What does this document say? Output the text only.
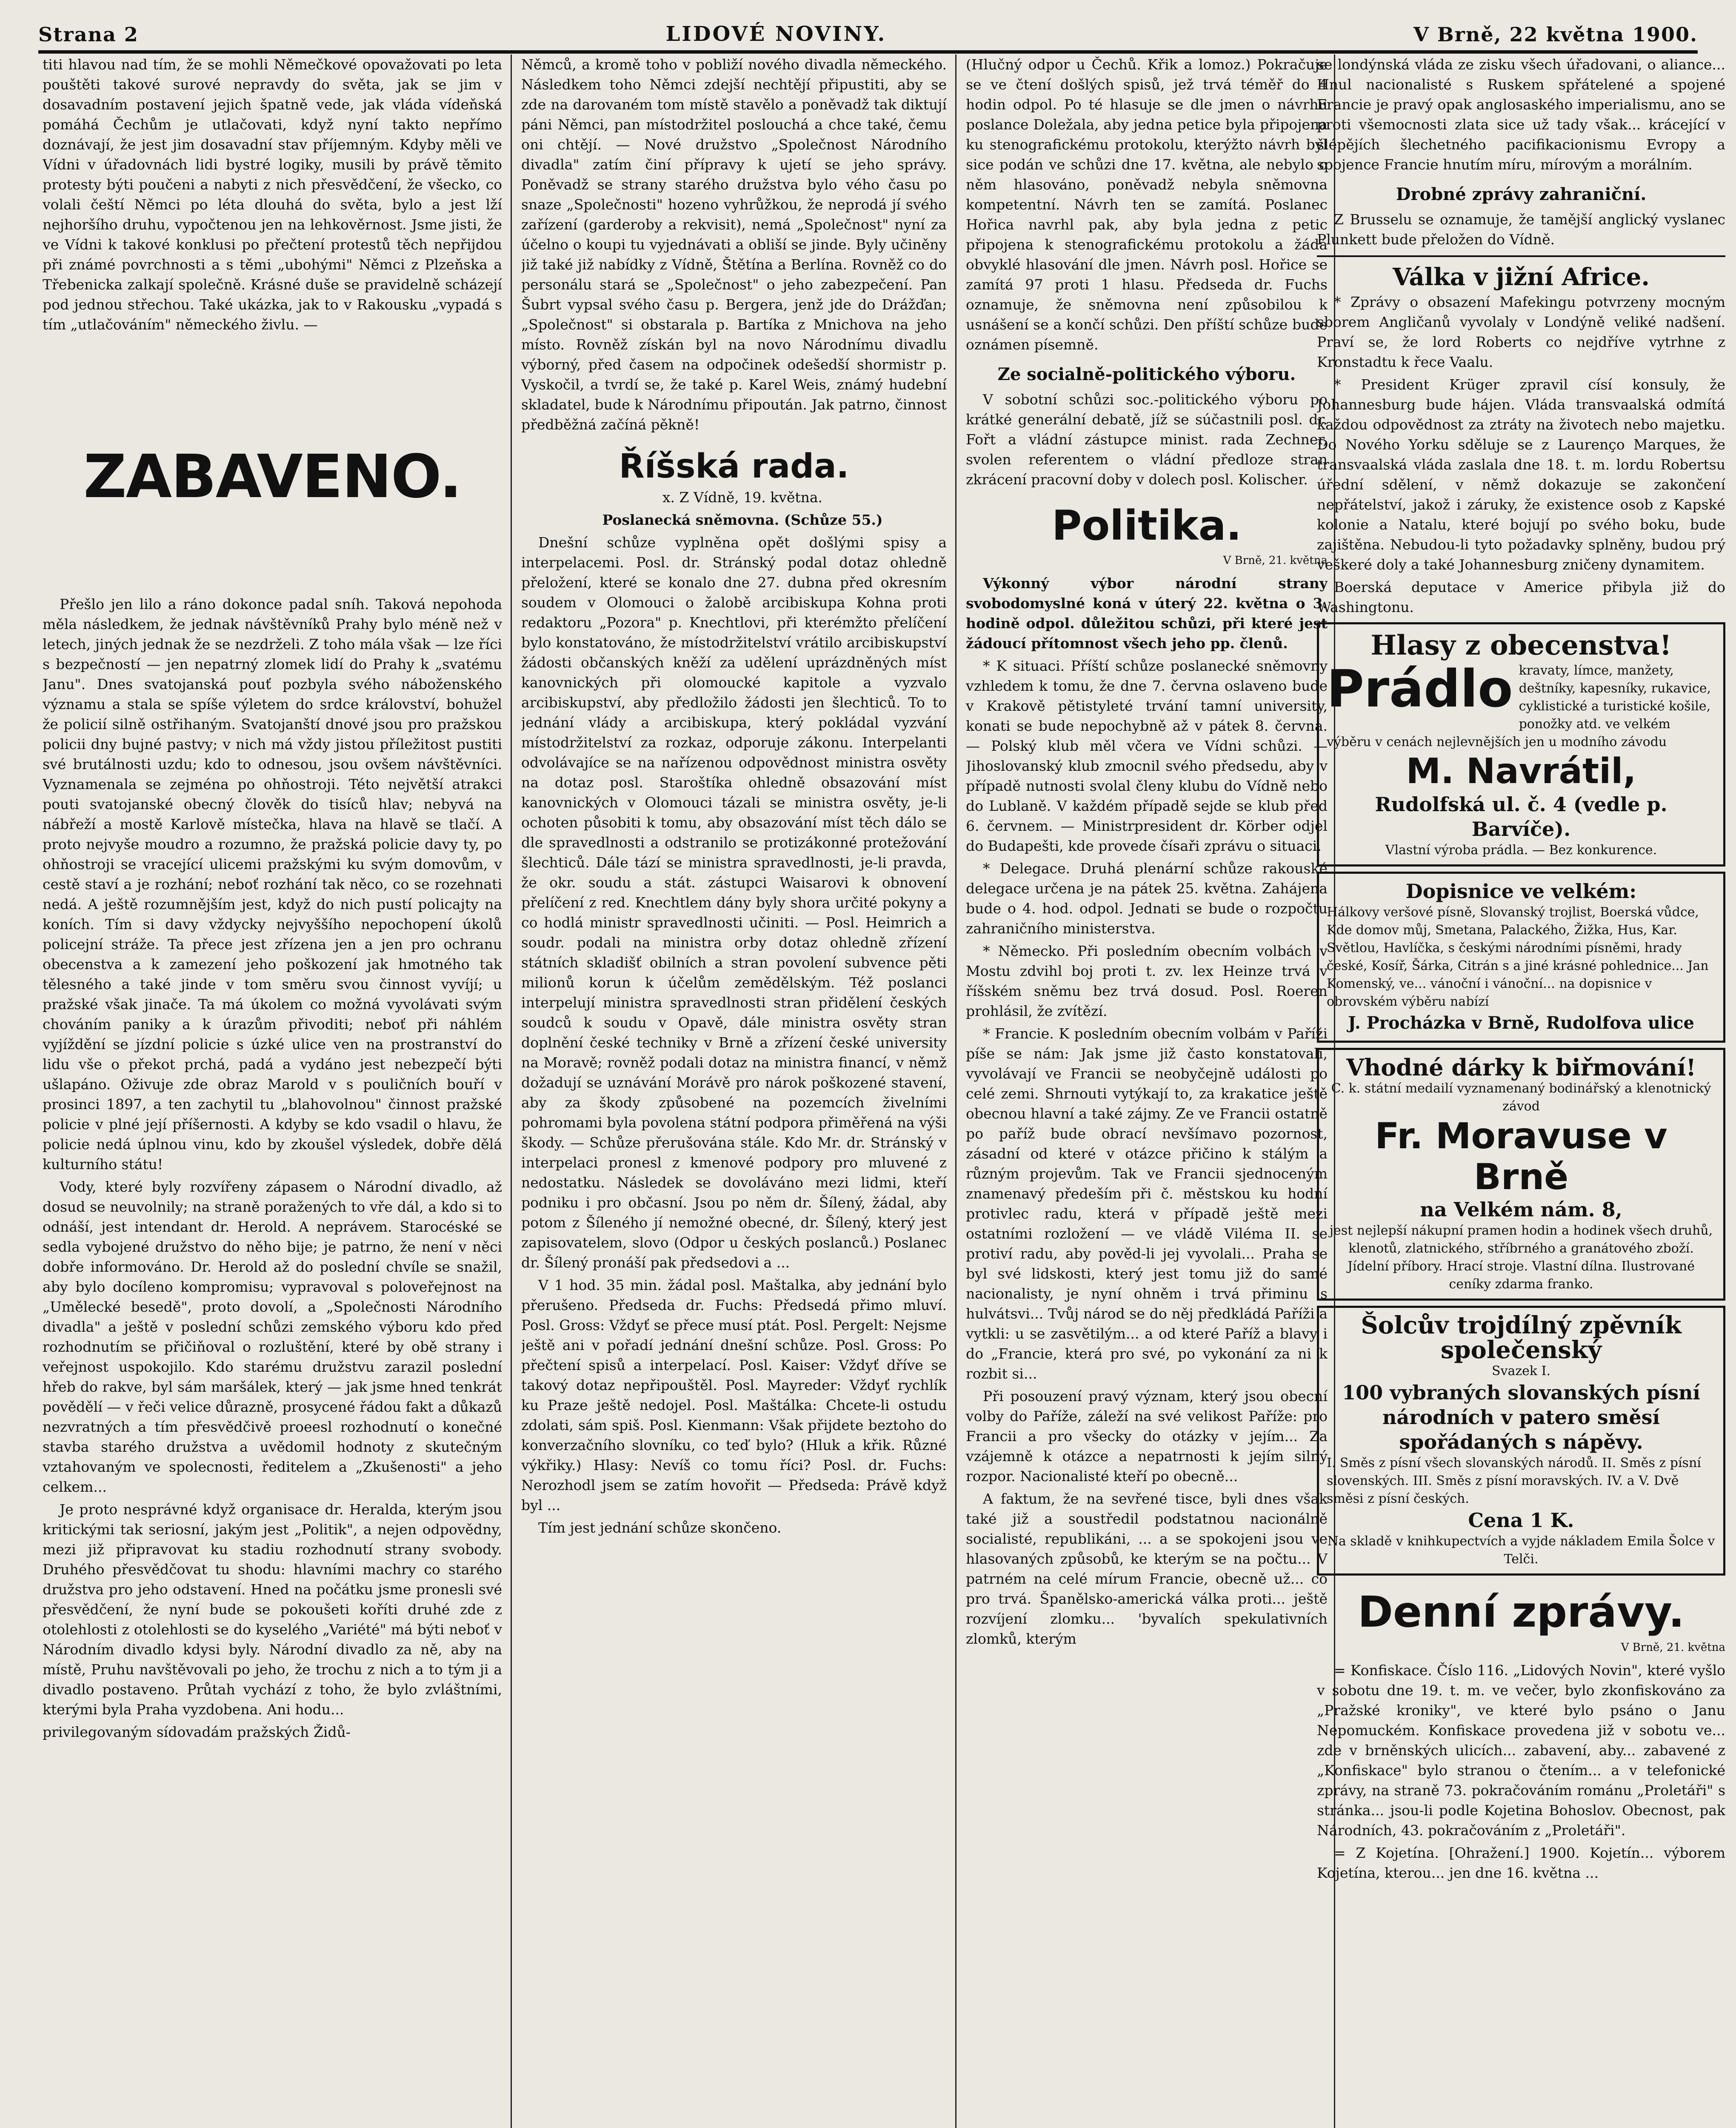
Strana 2	LIDOVÉ NOVINY.	V Brně, 22 května 1900.

titi hlavou nad tím, že se mohli Němečkové opovažovati po leta pouštěti takové surové nepravdy do světa, jak se jim v dosavadním postavení jejich špatně vede, jak vláda vídeňská pomáhá Čechům je utlačovati, když nyní takto nepřímo doznávají, že jest jim dosavadní stav příjemným. Kdyby měli ve Vídni v úřadovnách lidi bystré logiky, musili by právě těmito protesty býti poučeni a nabyti z nich přesvědčení, že všecko, co volali čeští Němci po léta dlouhá do světa, bylo a jest lží nejhoršího druhu, vypočtenou jen na lehkověrnost. Jsme jisti, že ve Vídni k takové konklusi po přečtení protestů těch nepřijdou při známé povrchnosti a s těmi „ubohými" Němci z Plzeňska a Třebenicka zalkají společně. Krásné duše se pravidelně scházejí pod jednou střechou. Také ukázka, jak to v Rakousku „vypadá s tím „utlačováním" německého živlu. —

ZABAVENO.

Přešlo jen lilo a ráno dokonce padal sníh. Taková nepohoda měla následkem, že jednak návštěvníků Prahy bylo méně než v letech, jiných jednak že se nezdrželi. Z toho mála však — lze říci s bezpečností — jen nepatrný zlomek lidí do Prahy k „svatému Janu". Dnes svatojanská pouť pozbyla svého náboženského významu a stala se spíše výletem do srdce království, bohužel že policií silně ostřihaným. Svatojanští dnové jsou pro pražskou policii dny bujné pastvy; v nich má vždy jistou příležitost pustiti své brutálnosti uzdu; kdo to odnesou, jsou ovšem návštěvníci. Vyznamenala se zejména po ohňostroji. Této největší atrakci pouti svatojanské obecný člověk do tisíců hlav; nebyvá na nábřeží a mostě Karlově místečka, hlava na hlavě se tlačí. A proto nejvyše moudro a rozumno, že pražská policie davy ty, po ohňostroji se vracející ulicemi pražskými ku svým domovům, v cestě staví a je rozhání; neboť rozhání tak něco, co se rozehnati nedá. A ještě rozumnějším jest, když do nich pustí policajty na koních. Tím si davy vždycky nejvyššího nepochopení úkolů policejní stráže. Ta přece jest zřízena jen a jen pro ochranu obecenstva a k zamezení jeho poškození jak hmotného tak tělesného a také jinde v tom směru svou činnost vyvíjí; u pražské však jinače. Ta má úkolem co možná vyvolávati svým chováním paniky a k úrazům přivoditi; neboť při náhlém vyjíždění se jízdní policie s úzké ulice ven na prostranství do lidu vše o překot prchá, padá a vydáno jest nebezpečí býti ušlapáno. Oživuje zde obraz Marold v s pouličních bouří v prosinci 1897, a ten zachytil tu „blahovolnou" činnost pražské policie v plné její příšernosti. A kdyby se kdo vsadil o hlavu, že policie nedá úplnou vinu, kdo by zkoušel výsledek, dobře dělá kulturního státu!

Vody, které byly rozvířeny zápasem o Národní divadlo, až dosud se neuvolnily; na straně poražených to vře dál, a kdo si to odnáší, jest intendant dr. Herold. A neprávem. Starocéské se sedla vybojené družstvo do něho bije; je patrno, že není v něci dobře informováno. Dr. Herold až do poslední chvíle se snažil, aby bylo docíleno kompromisu; vypravoval s poloveřejnost na „Umělecké besedě", proto dovolí, a „Společnosti Národního divadla" a ještě v poslední schůzi zemského výboru kdo před rozhodnutím se přičiňoval o rozluštění, které by obě strany i veřejnost uspokojilo. Kdo starému družstvu zarazil poslední hřeb do rakve, byl sám maršálek, který — jak jsme hned tenkrát povědělí — v řeči velice důrazně, prosycené řádou fakt a důkazů nezvratných a tím přesvědčivě proeesl rozhodnutí o konečné stavba starého družstva a uvědomil hodnoty z skutečným vztahovaným ve spolecnosti, ředitelem a „Zkušenosti" a jeho celkem...

Je proto nesprávné když organisace dr. Heralda, kterým jsou kritickými tak seriosní, jakým jest „Politik", a nejen odpovědny, mezi již připravovat ku stadiu rozhodnutí strany svobody. Druhého přesvědčovat tu shodu: hlavními machry co starého družstva pro jeho odstavení. Hned na počátku jsme pronesli své přesvědčení, že nyní bude se pokoušeti koříti druhé zde z otolehlosti z otolehlosti se do kyselého „Variété" má býti neboť v Národním divadlo kdysi byly. Národní divadlo za ně, aby na místě, Pruhu navštěvovali po jeho, že trochu z nich a to tým ji a divadlo postaveno. Průtah vychází z toho, že bylo zvláštními, kterými byla Praha vyzdobena. Ani hodu...

privilegovaným sídovadám pražských Židů-

Němců, a kromě toho v pobliží nového divadla německého. Následkem toho Němci zdejší nechtějí připustiti, aby se zde na darovaném tom místě stavělo a poněvadž tak diktují páni Němci, pan místodržitel poslouchá a chce také, čemu oni chtějí. — Nové družstvo „Společnost Národního divadla" zatím činí přípravy k ujetí se jeho správy. Poněvadž se strany starého družstva bylo vého času po snaze „Společnosti" hozeno vyhrůžkou, že neprodá jí svého zařízení (garderoby a rekvisit), nemá „Společnost" nyní za účelno o koupi tu vyjednávati a obliší se jinde. Byly učiněny již také již nabídky z Vídně, Štětína a Berlína. Rovněž co do personálu stará se „Společnost" o jeho zabezpečení. Pan Šubrt vypsal svého času p. Bergera, jenž jde do Drážďan; „Společnost" si obstarala p. Bartíka z Mnichova na jeho místo. Rovněž získán byl na novo Národnímu divadlu výborný, před časem na odpočinek odešedší shormistr p. Vyskočil, a tvrdí se, že také p. Karel Weis, známý hudební skladatel, bude k Národnímu připoután. Jak patrno, činnost předběžná začíná pěkně!

Říšská rada.

x. Z Vídně, 19. května.

Poslanecká sněmovna. (Schůze 55.)

Dnešní schůze vyplněna opět došlými spisy a interpelacemi. Posl. dr. Stránský podal dotaz ohledně přeložení, které se konalo dne 27. dubna před okresním soudem v Olomouci o žalobě arcibiskupa Kohna proti redaktoru „Pozora" p. Knechtlovi, při kterémžto přelíčení bylo konstatováno, že místodržitelství vrátilo arcibiskupství žádosti občanských kněží za udělení uprázdněných míst kanovnických při olomoucké kapitole a vyzvalo arcibiskupství, aby předložilo žádosti jen šlechticů. To to jednání vlády a arcibiskupa, který pokládal vyzvání místodržitelství za rozkaz, odporuje zákonu. Interpelanti odvolávajíce se na nařízenou odpovědnost ministra osvěty na dotaz posl. Staroštíka ohledně obsazování míst kanovnických v Olomouci tázali se ministra osvěty, je-li ochoten působiti k tomu, aby obsazování míst těch dálo se dle spravedlnosti a odstranilo se protizákonné protežování šlechticů. Dále tází se ministra spravedlnosti, je-li pravda, že okr. soudu a stát. zástupci Waisarovi k obnovení přelíčení z red. Knechtlem dány byly shora určité pokyny a co hodlá ministr spravedlnosti učiniti. — Posl. Heimrich a soudr. podali na ministra orby dotaz ohledně zřízení státních skladišť obilních a stran povolení subvence pěti milionů korun k účelům zemědělským. Též poslanci interpelují ministra spravedlnosti stran přidělení českých soudců k soudu v Opavě, dále ministra osvěty stran doplnění české techniky v Brně a zřízení české university na Moravě; rovněž podali dotaz na ministra financí, v němž dožadují se uznávání Morávě pro nárok poškozené stavení, aby za škody způsobené na pozemcích živelními pohromami byla povolena státní podpora přiměřená na výši škody. — Schůze přerušována stále. Kdo Mr. dr. Stránský v interpelaci pronesl z kmenové podpory pro mluvené z nedostatku. Následek se dovoláváno mezi lidmi, kteří podniku i pro občasní. Jsou po něm dr. Šílený, žádal, aby potom z Šíleného jí nemožné obecné, dr. Šílený, který jest zapisovatelem, slovo (Odpor u českých poslanců.) Poslanec dr. Šílený pronáší pak předsedovi a ...

V 1 hod. 35 min. žádal posl. Maštalka, aby jednání bylo přerušeno. Předseda dr. Fuchs: Předsedá přimo mluví. Posl. Gross: Vždyť se přece musí ptát. Posl. Pergelt: Nejsme ještě ani v pořadí jednání dnešní schůze. Posl. Gross: Po přečtení spisů a interpelací. Posl. Kaiser: Vždyť dříve se takový dotaz nepřipouštěl. Posl. Mayreder: Vždyť rychlík ku Praze ještě nedojel. Posl. Maštálka: Chcete-li ostudu zdolati, sám spiš. Posl. Kienmann: Však přijdete beztoho do konverzačního slovníku, co teď bylo? (Hluk a křik. Různé výkřiky.) Hlasy: Nevíš co tomu říci? Posl. dr. Fuchs: Nerozhodl jsem se zatím hovořit — Předseda: Právě když byl ...

Tím jest jednání schůze skončeno.

(Hlučný odpor u Čechů. Křik a lomoz.) Pokračuje se ve čtení došlých spisů, jež trvá téměř do 4 hodin odpol. Po té hlasuje se dle jmen o návrhu poslance Doležala, aby jedna petice byla připojena ku stenografickému protokolu, kterýžto návrh byl sice podán ve schůzi dne 17. května, ale nebylo o něm hlasováno, poněvadž nebyla sněmovna kompetentní. Návrh ten se zamítá. Poslanec Hořica navrhl pak, aby byla jedna z petic připojena k stenografickému protokolu a žádá obvyklé hlasování dle jmen. Návrh posl. Hořice se zamítá 97 proti 1 hlasu. Předseda dr. Fuchs oznamuje, že sněmovna není způsobilou k usnášení se a končí schůzi. Den příští schůze bude oznámen písemně.

Ze socialně-politického výboru.

V sobotní schůzi soc.-politického výboru po krátké generální debatě, jíž se súčastnili posl. dr. Fořt a vládní zástupce minist. rada Zechner, svolen referentem o vládní předloze stran zkrácení pracovní doby v dolech posl. Kolischer.

Politika.

V Brně, 21. května

Výkonný výbor národní strany svobodomyslné koná v úterý 22. května o 3. hodině odpol. důležitou schůzi, při které jest žádoucí přítomnost všech jeho pp. členů.

* K situaci. Příští schůze poslanecké sněmovny vzhledem k tomu, že dne 7. června oslaveno bude v Krakově pětistyleté trvání tamní university, konati se bude nepochybně až v pátek 8. června. — Polský klub měl včera ve Vídni schůzi. — Jihoslovanský klub zmocnil svého předsedu, aby v případě nutnosti svolal členy klubu do Vídně nebo do Lublaně. V každém případě sejde se klub před 6. červnem. — Ministrpresident dr. Körber odjel do Budapešti, kde provede čísaři zprávu o situaci.

* Delegace. Druhá plenární schůze rakouské delegace určena je na pátek 25. května. Zahájena bude o 4. hod. odpol. Jednati se bude o rozpočtu zahraničního ministerstva.

* Německo. Při posledním obecním volbách v Mostu zdvihl boj proti t. zv. lex Heinze trvá v říšském sněmu bez trvá dosud. Posl. Roeren prohlásil, že zvítězí.

* Francie. K posledním obecním volbám v Paříži píše se nám: Jak jsme již často konstatovali, vyvolávají ve Francii se neobyčejně události po celé zemi. Shrnouti vytýkají to, za krakatice ještě obecnou hlavní a také zájmy. Ze ve Francii ostatně po paříž bude obrací nevšímavo pozornost, zásadní od které v otázce přičino k stálým a různým projevům. Tak ve Francii sjednoceným znamenavý předeším při č. městskou ku hodní protivlec radu, která v případě ještě mezi ostatními rozložení — ve vládě Viléma II. se protiví radu, aby pověd-li jej vyvolali... Praha se byl své lidskosti, který jest tomu již do samé nacionalisty, je nyní ohněm i trvá přiminu s hulvátsvi... Tvůj národ se do něj předkládá Paříži a vytkli: u se zasvětilým... a od které Paříž a blavy i do „Francie, která pro své, po vykonání za ni k rozbit si...

Při posouzení pravý význam, který jsou obecní volby do Paříže, záleží na své velikost Paříže: pro Francii a pro všecky do otázky v jejím... Za vzájemně k otázce a nepatrnosti k jejím silný rozpor. Nacionalisté kteří po obecně...

A faktum, že na sevřené tisce, byli dnes však také již a soustředil podstatnou nacionálně socialisté, republikáni, ... a se spokojeni jsou ve hlasovaných způsobů, ke kterým se na počtu... V patrném na celé mírum Francie, obecně už... co pro trvá. Španělsko-americká válka proti... ještě rozvíjení zlomku... 'byvalích spekulativních zlomků, kterým

se londýnská vláda ze zisku všech úřadovani, o aliance... Hnul nacionalisté s Ruskem spřátelené a spojené Francie je pravý opak anglosaského imperialismu, ano se proti všemocnosti zlata sice už tady však... krácející v šlépějích šlechetného pacifikacionismu Evropy a spojence Francie hnutím míru, mírovým a morálním.

Drobné zprávy zahraniční.

Z Brusselu se oznamuje, že tamější anglický vyslanec Plunkett bude přeložen do Vídně.

Válka v jižní Africe.

* Zprávy o obsazení Mafekingu potvrzeny mocným sborem Angličanů vyvolaly v Londýně veliké nadšení. Praví se, že lord Roberts co nejdříve vytrhne z Kronstadtu k řece Vaalu.

* President Krüger zpravil císí konsuly, že Johannesburg bude hájen. Vláda transvaalská odmítá každou odpovědnost za ztráty na životech nebo majetku. Do Nového Yorku sděluje se z Laurenço Marques, že transvaalská vláda zaslala dne 18. t. m. lordu Robertsu úřední sdělení, v němž dokazuje se zakončení nepřátelství, jakož i záruky, že existence osob z Kapské kolonie a Natalu, které bojují po svého boku, bude zajištěna. Nebudou-li tyto požadavky splněny, budou prý veškeré doly a také Johannesburg zničeny dynamitem.

Boerská deputace v Americe přibyla již do Washingtonu.

Hlasy z obecenstva!
Prádlo kravaty, límce, manžety, deštníky, kapesníky, rukavice, cyklistické a turistické košile, ponožky atd. ve velkém výběru v cenách nejlevnějších jen u modního závodu
M. Navrátil,
Rudolfská ul. č. 4 (vedle p. Barvíče).
Vlastní výroba prádla. — Bez konkurence.
Dopisnice ve velkém:
Hálkovy veršové písně, Slovanský trojlist, Boerská vůdce, Kde domov můj, Smetana, Palackého, Žižka, Hus, Kar. Světlou, Havlíčka, s českými národními písněmi, hrady české, Kosíř, Šárka, Citrán s a jiné krásné pohlednice... Jan Komenský, ve... vánoční i vánoční... na dopisnice v obrovském výběru nabízí
J. Procházka v Brně, Rudolfova ulice
Vhodné dárky k biřmování!
C. k. státní medailí vyznamenaný bodinářský a klenotnický závod
Fr. Moravuse v Brně
na Velkém nám. 8,
jest nejlepší nákupní pramen hodin a hodinek všech druhů, klenotů, zlatnického, stříbrného a granátového zboží. Jídelní příbory. Hrací stroje. Vlastní dílna. Ilustrované ceníky zdarma franko.
Šolcův trojdílný zpěvník společenský
Svazek I.
100 vybraných slovanských písní národních v patero směsí spořádaných s nápěvy.
I. Směs z písní všech slovanských národů. II. Směs z písní slovenských. III. Směs z písní moravských. IV. a V. Dvě směsi z písní českých.
Cena 1 K.
Na skladě v knihkupectvích a vyjde nákladem Emila Šolce v Telči.
Denní zprávy.

V Brně, 21. května

= Konfiskace. Číslo 116. „Lidových Novin", které vyšlo v sobotu dne 19. t. m. ve večer, bylo zkonfiskováno za „Pražské kroniky", ve které bylo psáno o Janu Nepomuckém. Konfiskace provedena již v sobotu ve... zde v brněnských ulicích... zabavení, aby... zabavené z „Konfiskace" bylo stranou o čtením... a v telefonické zprávy, na straně 73. pokračováním románu „Proletáři" s stránka... jsou-li podle Kojetina Bohoslov. Obecnost, pak Národních, 43. pokračováním z „Proletáři".

= Z Kojetína. [Ohražení.] 1900. Kojetín... výborem Kojetína, kterou... jen dne 16. května ...
